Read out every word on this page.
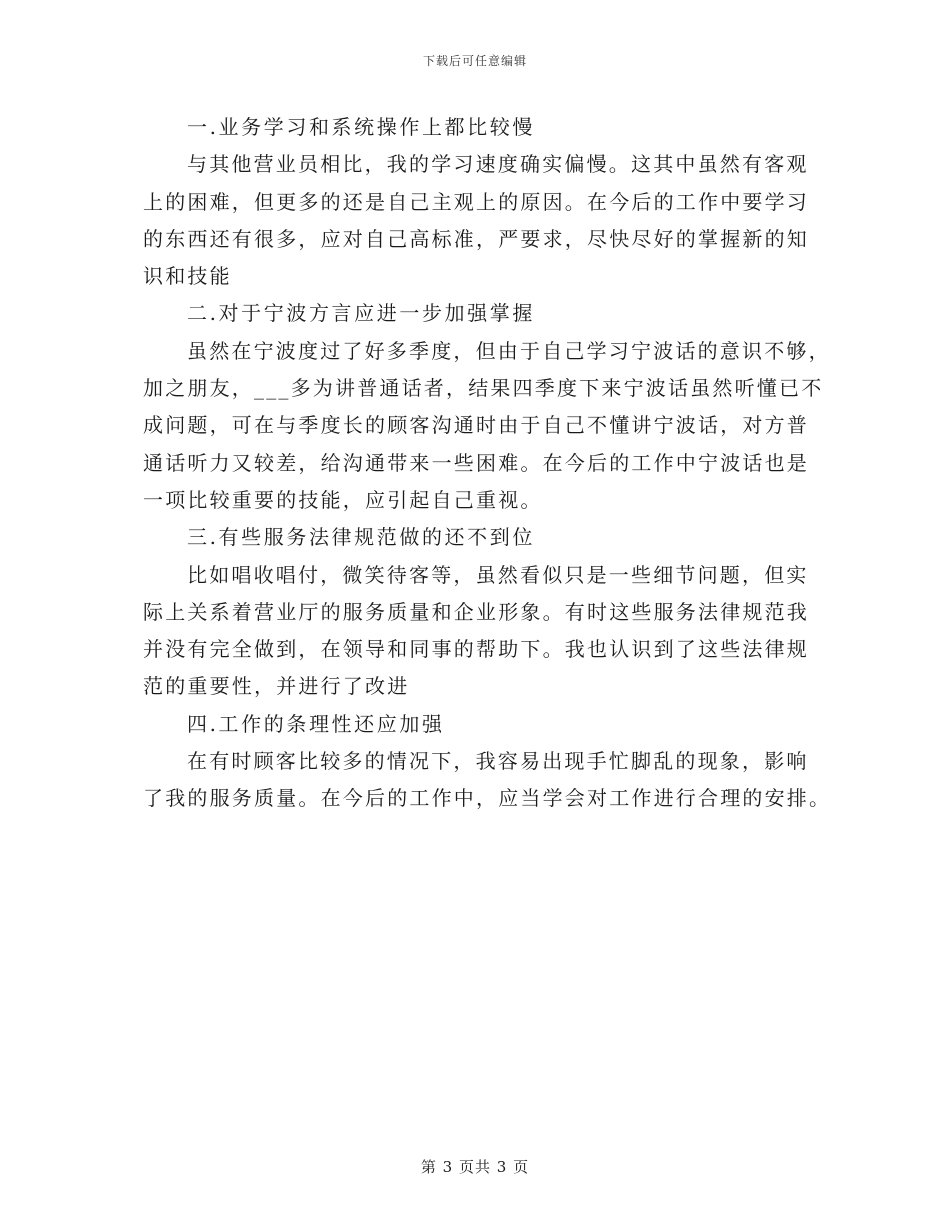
下载后可任意编辑
一.业务学习和系统操作上都比较慢
与其他营业员相比，我的学习速度确实偏慢。这其中虽然有客观
上的困难，但更多的还是自己主观上的原因。在今后的工作中要学习
的东西还有很多，应对自己高标准，严要求，尽快尽好的掌握新的知
识和技能
二.对于宁波方言应进一步加强掌握
虽然在宁波度过了好多季度，但由于自己学习宁波话的意识不够，
加之朋友，___多为讲普通话者，结果四季度下来宁波话虽然听懂已不
成问题，可在与季度长的顾客沟通时由于自己不懂讲宁波话，对方普
通话听力又较差，给沟通带来一些困难。在今后的工作中宁波话也是
一项比较重要的技能，应引起自己重视。
三.有些服务法律规范做的还不到位
比如唱收唱付，微笑待客等，虽然看似只是一些细节问题，但实
际上关系着营业厅的服务质量和企业形象。有时这些服务法律规范我
并没有完全做到，在领导和同事的帮助下。我也认识到了这些法律规
范的重要性，并进行了改进
四.工作的条理性还应加强
在有时顾客比较多的情况下，我容易出现手忙脚乱的现象，影响
了我的服务质量。在今后的工作中，应当学会对工作进行合理的安排。
第 3 页共 3 页
